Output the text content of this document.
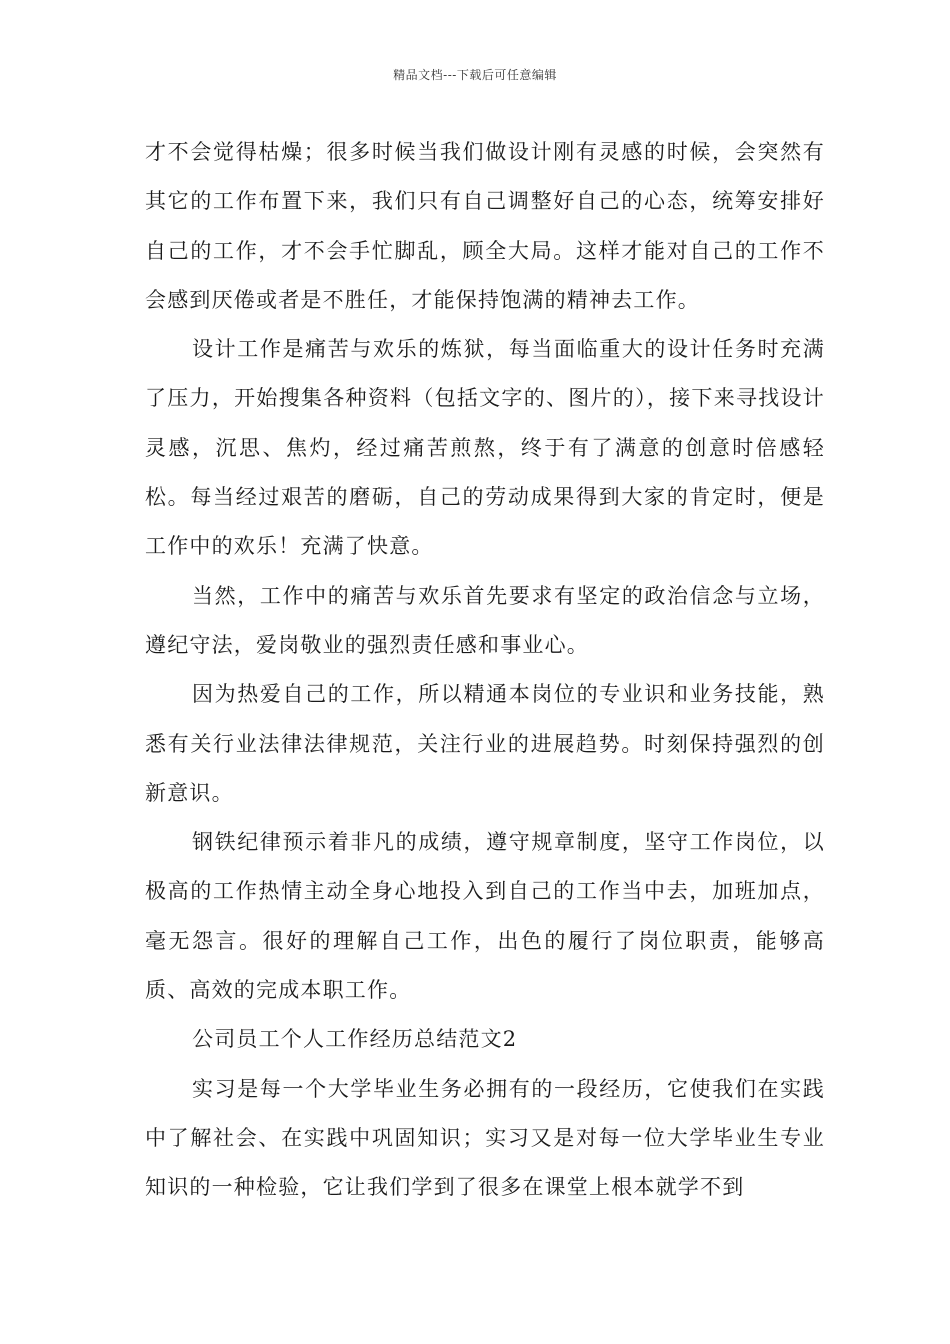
精品文档---下载后可任意编辑

才不会觉得枯燥；很多时候当我们做设计刚有灵感的时候，会突然有其它的工作布置下来，我们只有自己调整好自己的心态，统筹安排好自己的工作，才不会手忙脚乱，顾全大局。这样才能对自己的工作不会感到厌倦或者是不胜任，才能保持饱满的精神去工作。

设计工作是痛苦与欢乐的炼狱，每当面临重大的设计任务时充满了压力，开始搜集各种资料（包括文字的、图片的），接下来寻找设计灵感，沉思、焦灼，经过痛苦煎熬，终于有了满意的创意时倍感轻松。每当经过艰苦的磨砺，自己的劳动成果得到大家的肯定时，便是工作中的欢乐！充满了快意。

当然，工作中的痛苦与欢乐首先要求有坚定的政治信念与立场，遵纪守法，爱岗敬业的强烈责任感和事业心。

因为热爱自己的工作，所以精通本岗位的专业识和业务技能，熟悉有关行业法律法律规范，关注行业的进展趋势。时刻保持强烈的创新意识。

钢铁纪律预示着非凡的成绩，遵守规章制度，坚守工作岗位，以极高的工作热情主动全身心地投入到自己的工作当中去，加班加点，毫无怨言。很好的理解自己工作，出色的履行了岗位职责，能够高质、高效的完成本职工作。

公司员工个人工作经历总结范文2

实习是每一个大学毕业生务必拥有的一段经历，它使我们在实践中了解社会、在实践中巩固知识；实习又是对每一位大学毕业生专业知识的一种检验，它让我们学到了很多在课堂上根本就学不到
